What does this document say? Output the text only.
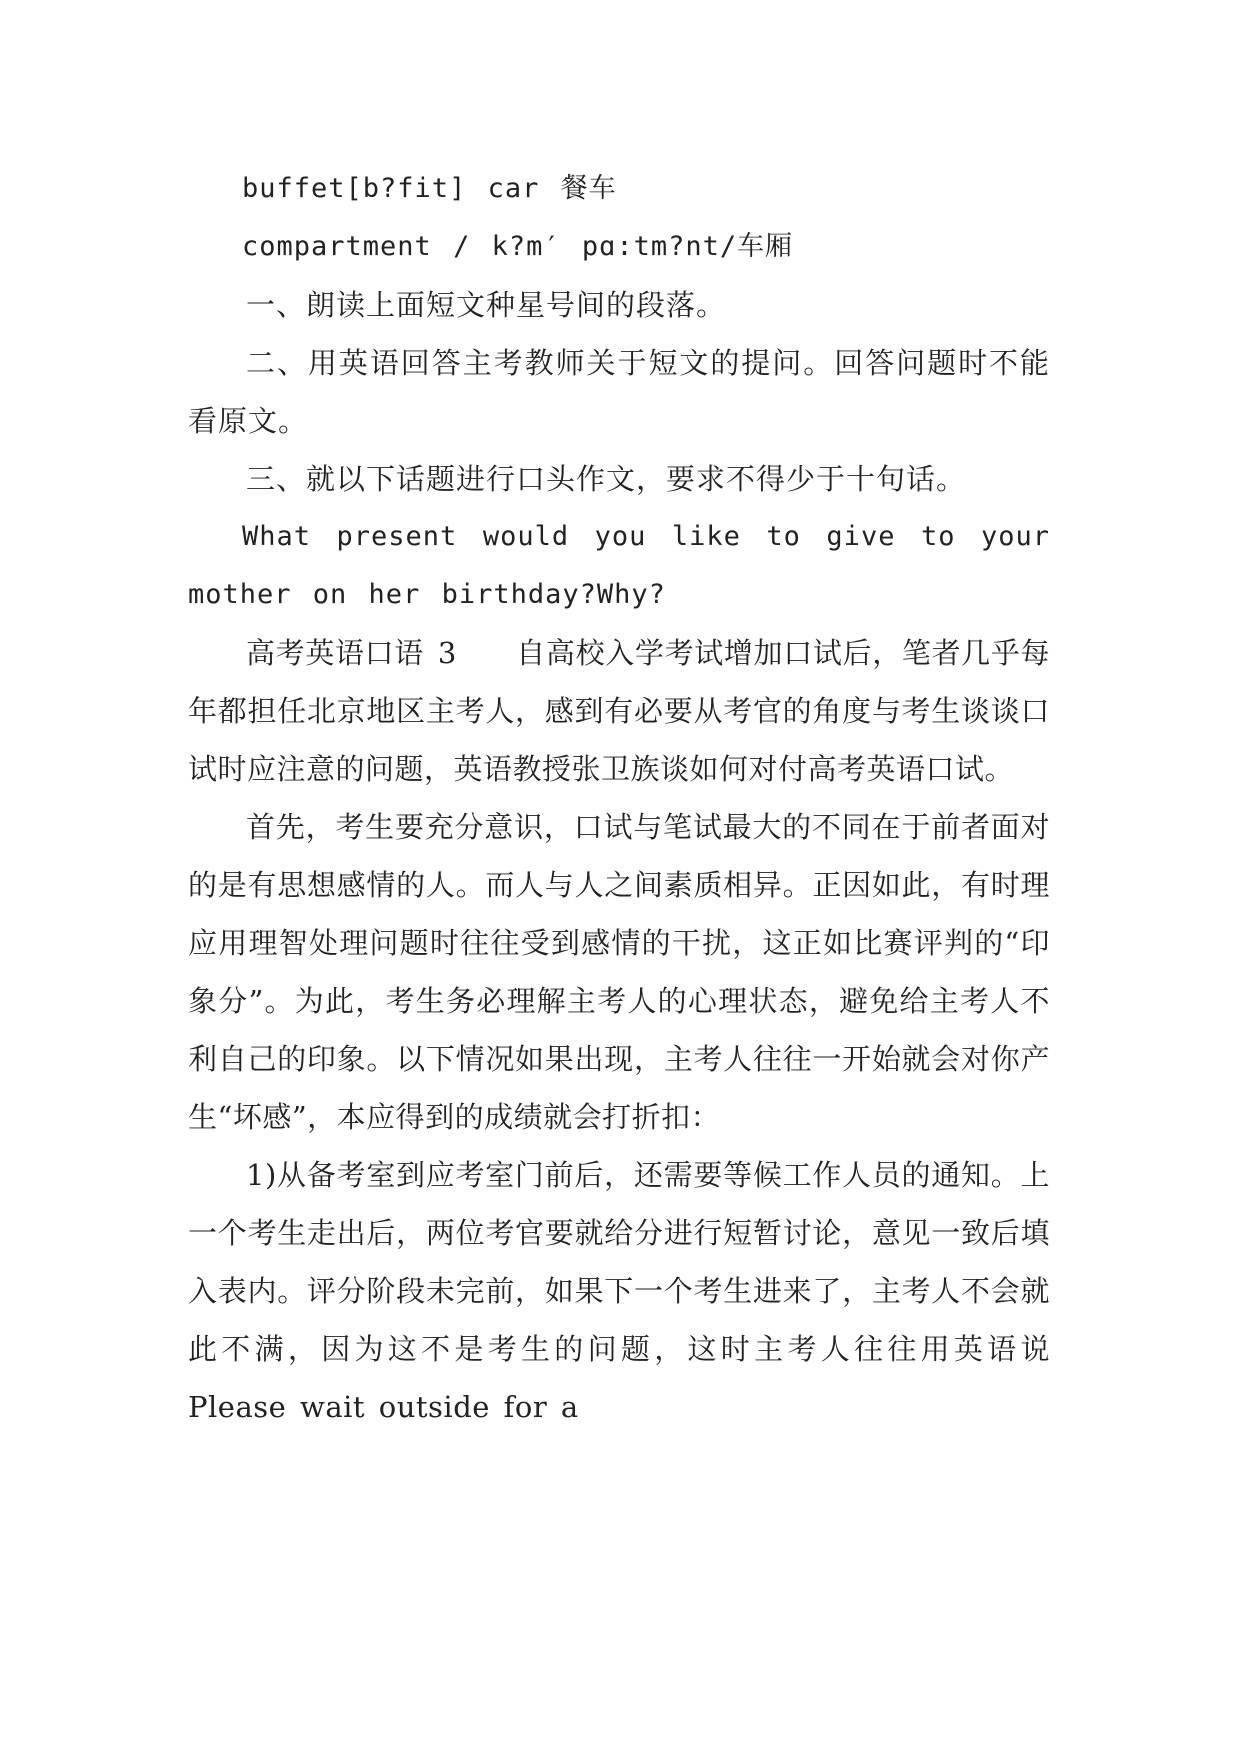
buffet[b?fit] car 餐车

compartment / k?m′ pɑ:tm?nt/车厢

一、朗读上面短文种星号间的段落。

二、用英语回答主考教师关于短文的提问。回答问题时不能看原文。

三、就以下话题进行口头作文，要求不得少于十句话。

What present would you like to give to your mother on her birthday?Why?

高考英语口语 3　　自高校入学考试增加口试后，笔者几乎每年都担任北京地区主考人，感到有必要从考官的角度与考生谈谈口试时应注意的问题，英语教授张卫族谈如何对付高考英语口试。

首先，考生要充分意识，口试与笔试最大的不同在于前者面对的是有思想感情的人。而人与人之间素质相异。正因如此，有时理应用理智处理问题时往往受到感情的干扰，这正如比赛评判的“印象分”。为此，考生务必理解主考人的心理状态，避免给主考人不利自己的印象。以下情况如果出现，主考人往往一开始就会对你产生“坏感”，本应得到的成绩就会打折扣：

1)从备考室到应考室门前后，还需要等候工作人员的通知。上一个考生走出后，两位考官要就给分进行短暂讨论，意见一致后填入表内。评分阶段未完前，如果下一个考生进来了，主考人不会就此不满，因为这不是考生的问题，这时主考人往往用英语说 Please wait outside for a
